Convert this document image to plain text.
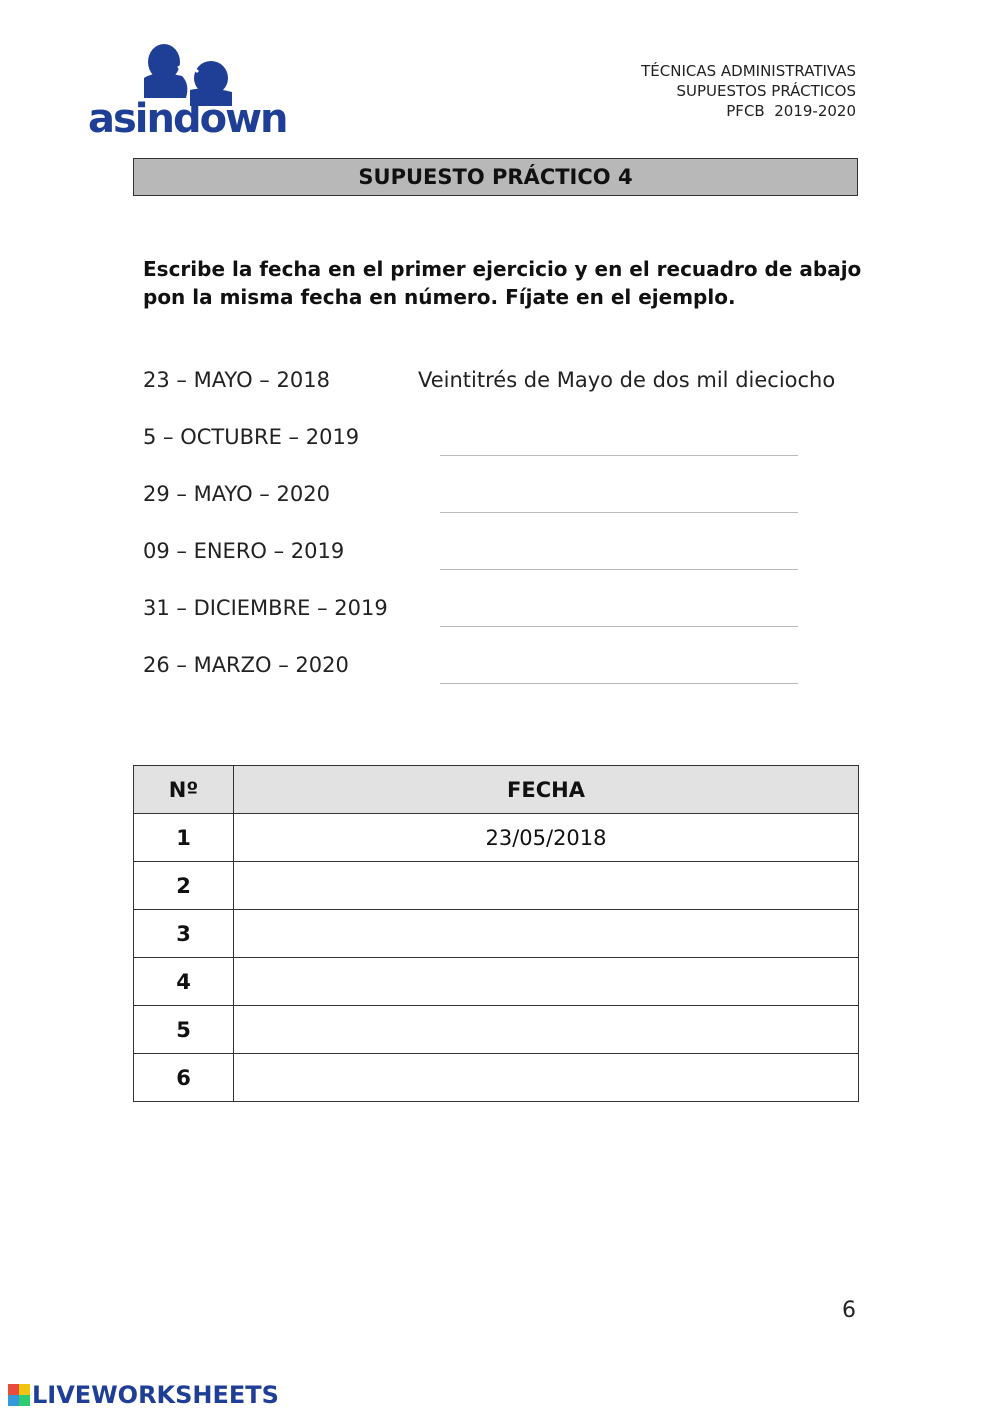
asindown
TÉCNICAS ADMINISTRATIVAS
SUPUESTOS PRÁCTICOS
PFCB  2019-2020
SUPUESTO PRÁCTICO 4
Escribe la fecha en el primer ejercicio y en el recuadro de abajo pon la misma fecha en número. Fíjate en el ejemplo.
23 – MAYO – 2018	Veintitrés de Mayo de dos mil dieciocho
5 – OCTUBRE – 2019
29 – MAYO – 2020
09 – ENERO – 2019
31 – DICIEMBRE – 2019
26 – MARZO – 2020
Nº	FECHA
1	23/05/2018
2	
3	
4	
5	
6	
6
LIVEWORKSHEETS
